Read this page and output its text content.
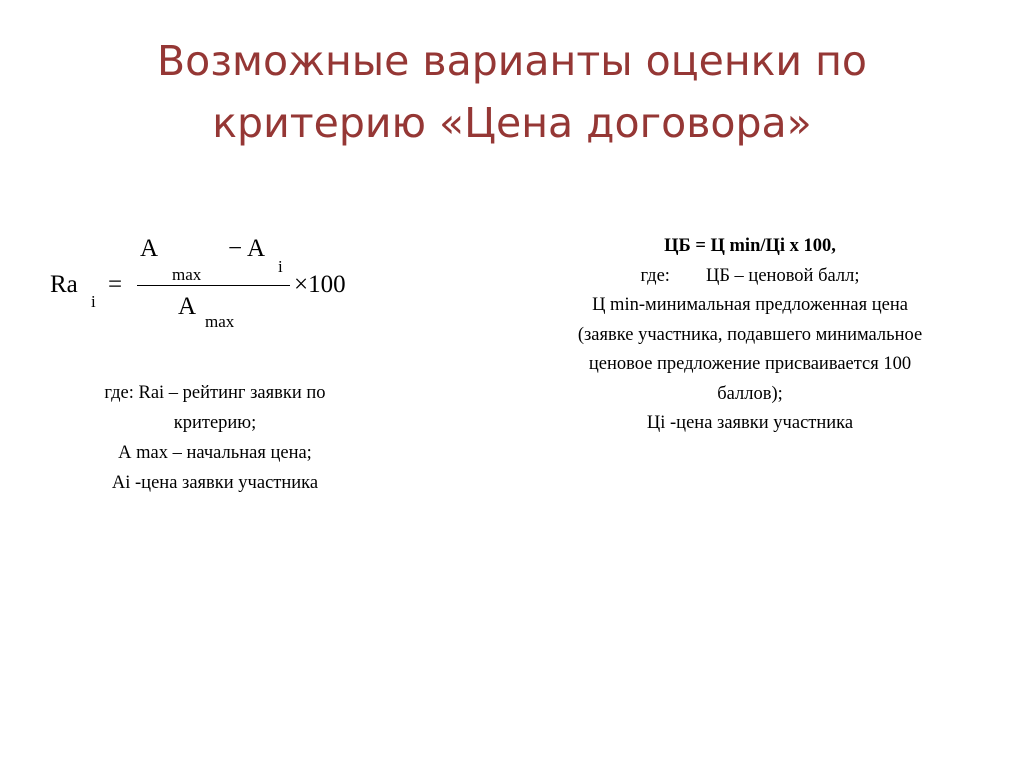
Возможные варианты оценки по
критерию «Цена договора»
A
max
− A
i
Ra
i
=	×100
A
max
где: Rai – рейтинг заявки по
критерию;
А max – начальная цена;
Аi -цена заявки участника
ЦБ = Ц min/Цi х 100,
где: ЦБ – ценовой балл;
Ц min-минимальная предложенная цена
(заявке участника, подавшего минимальное
ценовое предложение присваивается 100
баллов);
Цi -цена заявки участника
